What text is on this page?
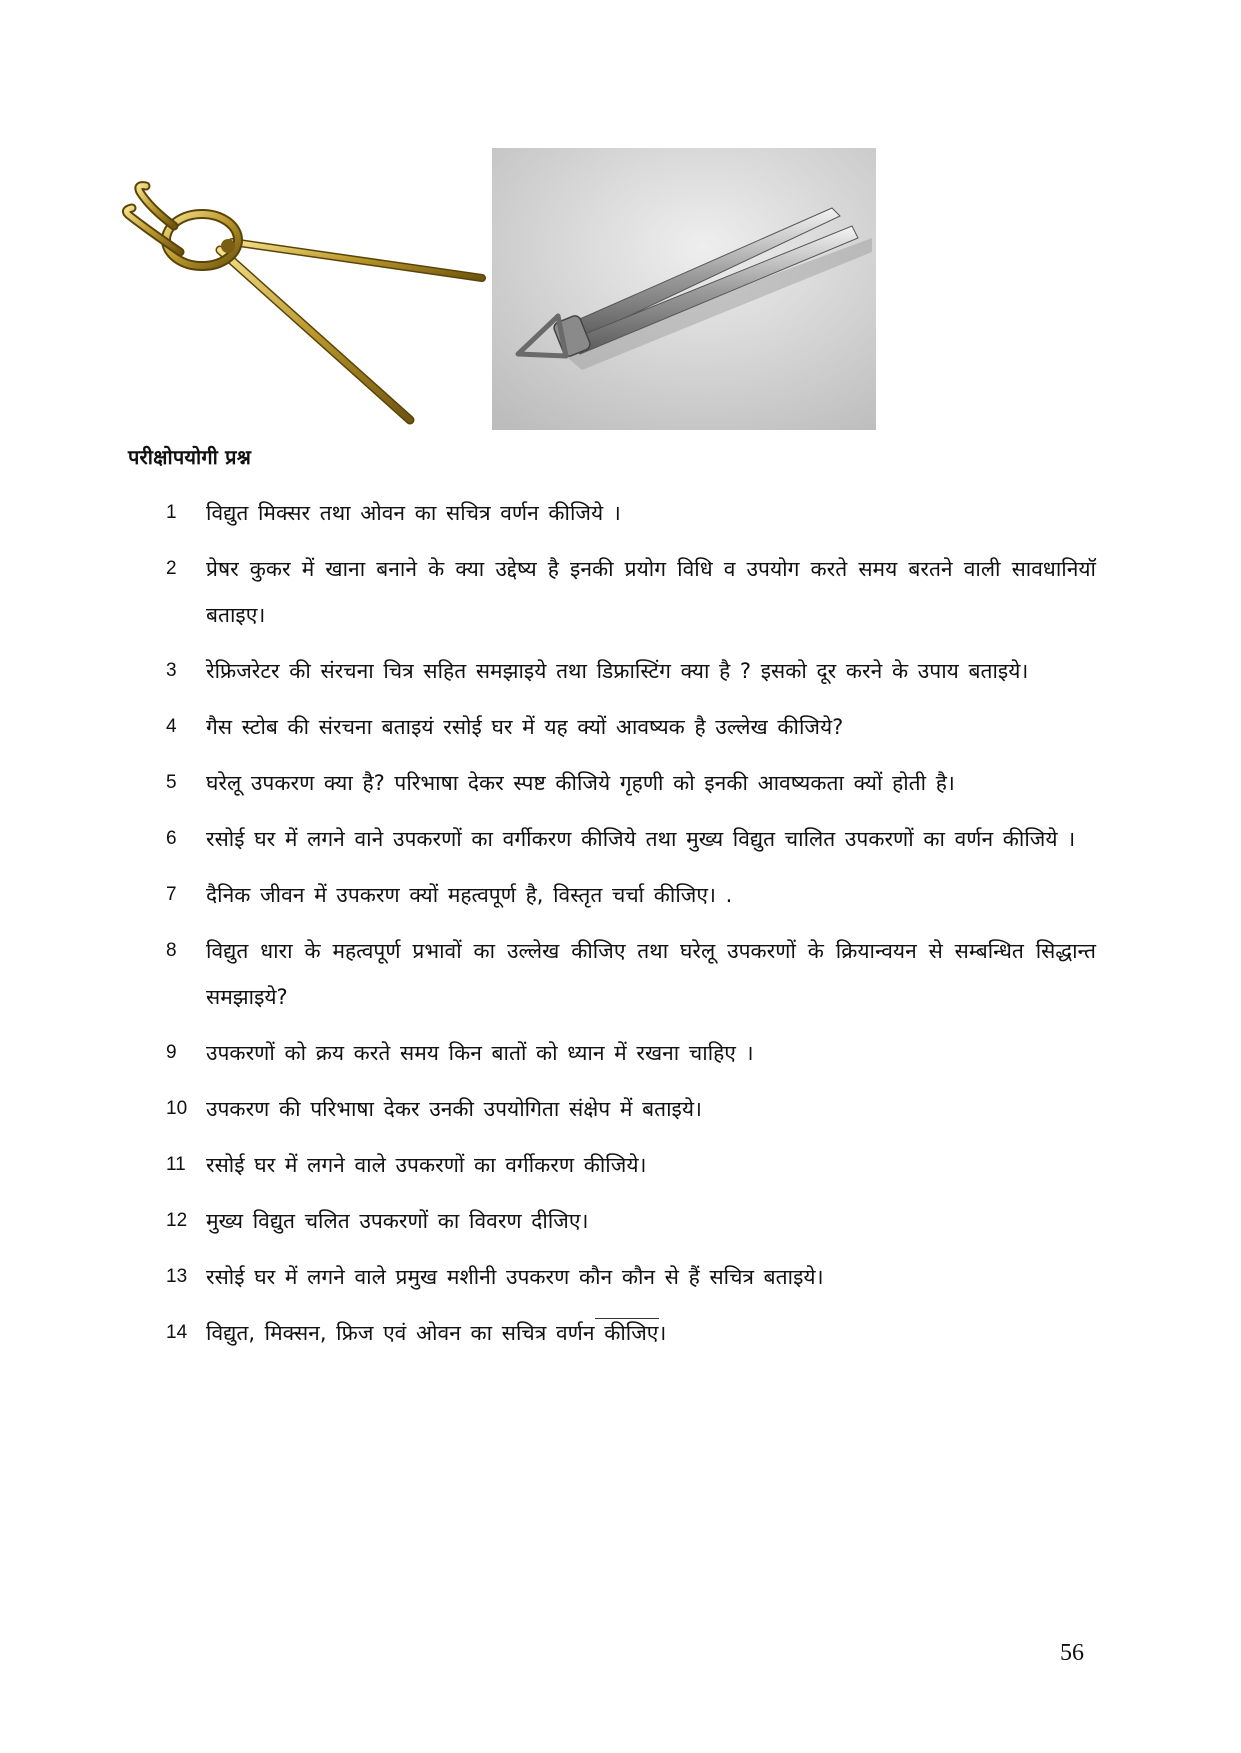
परीक्षोपयोगी प्रश्न
1	विद्युत मिक्सर तथा ओवन का सचित्र वर्णन कीजिये ।
2	प्रेषर कुकर में खाना बनाने के क्या उद्देष्य है इनकी प्रयोग विधि व उपयोग करते समय बरतने वाली सावधानियॉ बताइए।
3	रेफ्रिजरेटर की संरचना चित्र सहित समझाइये तथा डिफ्रास्टिंग क्या है ? इसको दूर करने के उपाय बताइये।
4	गैस स्टोब की संरचना बताइयं रसोई घर में यह क्यों आवष्यक है उल्लेख कीजिये?
5	घरेलू उपकरण क्या है? परिभाषा देकर स्पष्ट कीजिये गृहणी को इनकी आवष्यकता क्यों होती है।
6	रसोई घर में लगने वाने उपकरणों का वर्गीकरण कीजिये तथा मुख्य विद्युत चालित उपकरणों का वर्णन कीजिये ।
7	दैनिक जीवन में उपकरण क्यों महत्वपूर्ण है, विस्तृत चर्चा कीजिए। .
8	विद्युत धारा के महत्वपूर्ण प्रभावों का उल्लेख कीजिए तथा घरेलू उपकरणों के क्रियान्वयन से सम्बन्धित सिद्धान्त समझाइये?
9	उपकरणों को क्रय करते समय किन बातों को ध्यान में रखना चाहिए ।
10 उपकरण की परिभाषा देकर उनकी उपयोगिता संक्षेप में बताइये।
11 रसोई घर में लगने वाले उपकरणों का वर्गीकरण कीजिये।
12 मुख्य विद्युत चलित उपकरणों का विवरण दीजिए।
13 रसोई घर में लगने वाले प्रमुख मशीनी उपकरण कौन कौन से हैं सचित्र बताइये।
14 विद्युत, मिक्सन, फ्रिज एवं ओवन का सचित्र वर्णन कीजिए।
56
